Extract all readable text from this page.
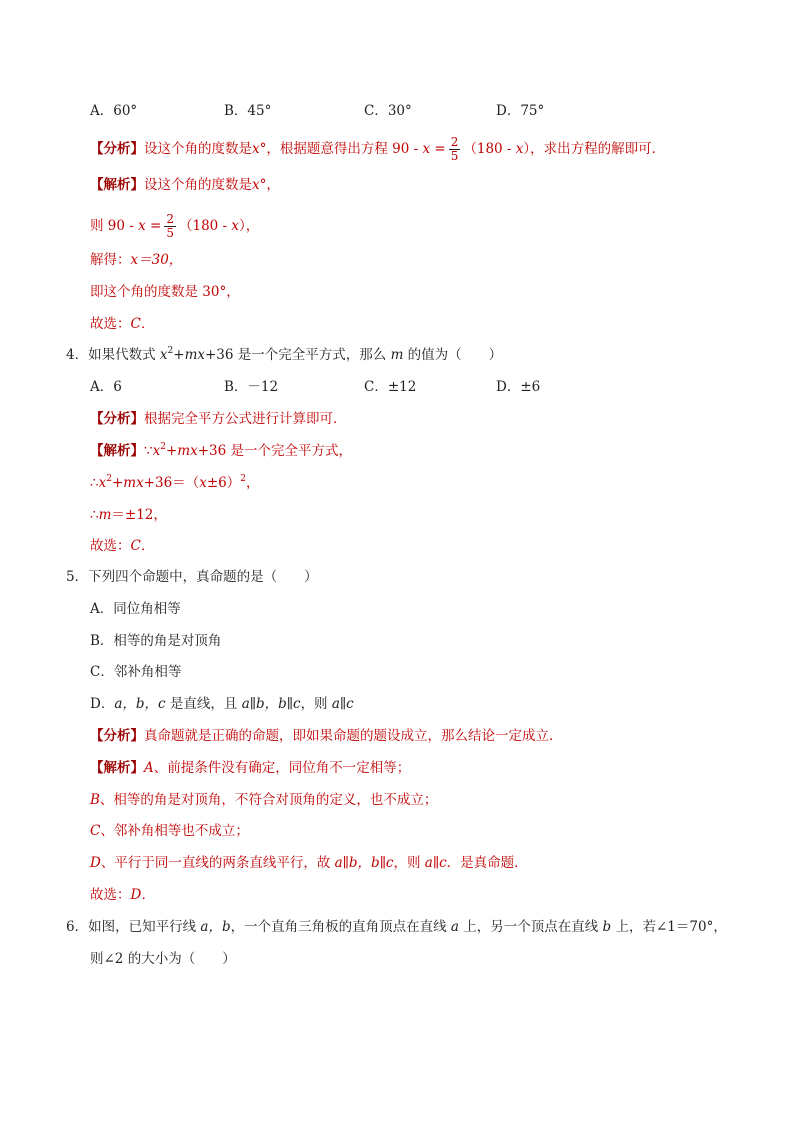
A．60°	B．45°	C．30°	D．75°
【分析】设这个角的度数是x°，根据题意得出方程 $90 - x = \frac{2}{5} (180 - x)$，求出方程的解即可．
【解析】设这个角的度数是x°，
则 $90 - x = \frac{2}{5} (180 - x)$，
解得：x＝30，
即这个角的度数是 30°，
故选：C．
4．如果代数式 $x^2+mx+36$ 是一个完全平方式，那么 m 的值为（　　）
A．6	B．－12	C．±12	D．±6
【分析】根据完全平方公式进行计算即可．
【解析】$\because x^2+mx+36$ 是一个完全平方式，
$\therefore x^2+mx+36=(x\pm 6)^2$，
∴m＝±12，
故选：C．
5．下列四个命题中，真命题的是（　　）
A．同位角相等
B．相等的角是对顶角
C．邻补角相等
D．a，b，c 是直线，且 a∥b，b∥c，则 a∥c
【分析】真命题就是正确的命题，即如果命题的题设成立，那么结论一定成立．
【解析】A、前提条件没有确定，同位角不一定相等；
B、相等的角是对顶角，不符合对顶角的定义，也不成立；
C、邻补角相等也不成立；
D、平行于同一直线的两条直线平行，故 a∥b，b∥c，则 a∥c．是真命题．
故选：D．
6．如图，已知平行线 a，b，一个直角三角板的直角顶点在直线 a 上，另一个顶点在直线 b 上，若∠1＝70°，
则∠2 的大小为（　　）
